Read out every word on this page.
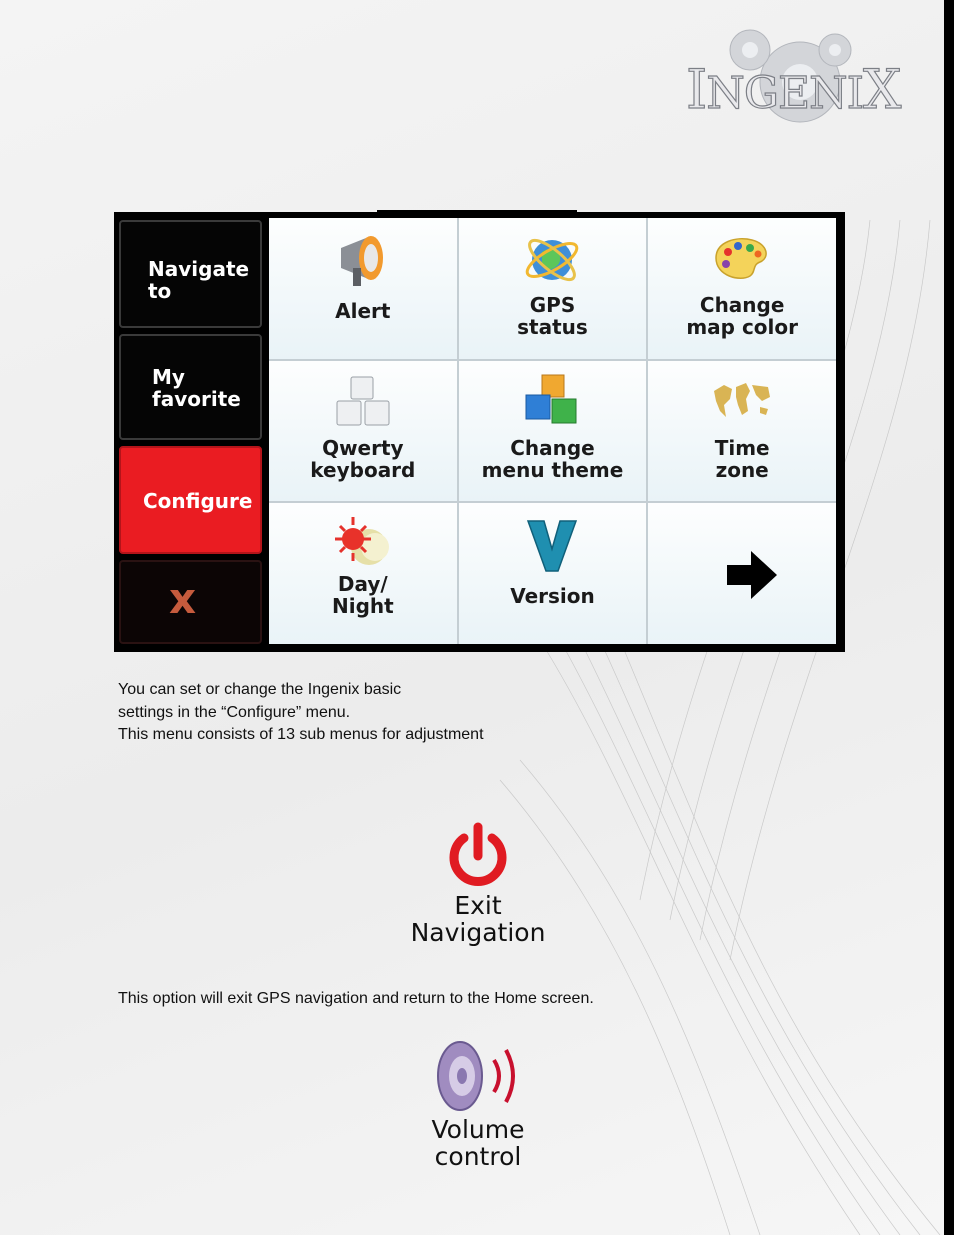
INGENIX
Navigate
to
My
favorite
Configure
x
Alert	GPS
status
Change
map color
Qwerty
keyboard
Change
menu theme
Time
zone
Day/
Night	Version
You can set or change the Ingenix basic
settings in the “Configure” menu.
This menu consists of 13 sub menus for adjustment
Exit
Navigation
This option will exit GPS navigation and return to the Home screen.
Volume
control
